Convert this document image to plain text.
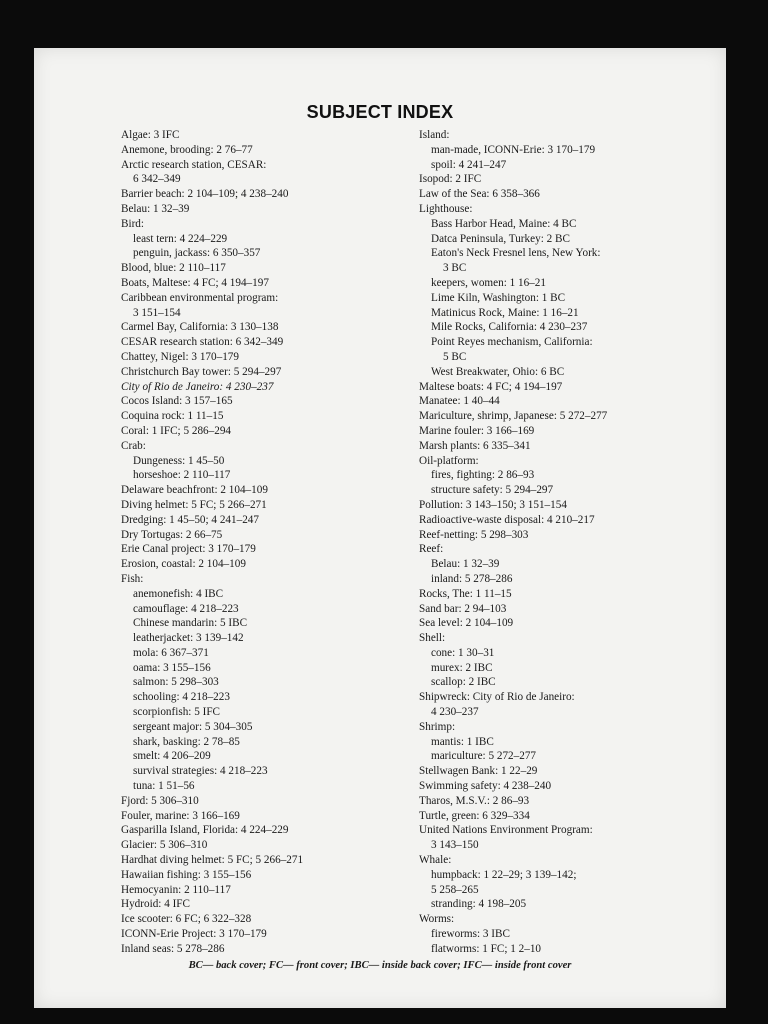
SUBJECT INDEX
Algae: 3 IFC
Anemone, brooding: 2 76–77
Arctic research station, CESAR:
6 342–349
Barrier beach: 2 104–109; 4 238–240
Belau: 1 32–39
Bird:
least tern: 4 224–229
penguin, jackass: 6 350–357
Blood, blue: 2 110–117
Boats, Maltese: 4 FC; 4 194–197
Caribbean environmental program:
3 151–154
Carmel Bay, California: 3 130–138
CESAR research station: 6 342–349
Chattey, Nigel: 3 170–179
Christchurch Bay tower: 5 294–297
City of Rio de Janeiro: 4 230–237
Cocos Island: 3 157–165
Coquina rock: 1 11–15
Coral: 1 IFC; 5 286–294
Crab:
Dungeness: 1 45–50
horseshoe: 2 110–117
Delaware beachfront: 2 104–109
Diving helmet: 5 FC; 5 266–271
Dredging: 1 45–50; 4 241–247
Dry Tortugas: 2 66–75
Erie Canal project: 3 170–179
Erosion, coastal: 2 104–109
Fish:
anemonefish: 4 IBC
camouflage: 4 218–223
Chinese mandarin: 5 IBC
leatherjacket: 3 139–142
mola: 6 367–371
oama: 3 155–156
salmon: 5 298–303
schooling: 4 218–223
scorpionfish: 5 IFC
sergeant major: 5 304–305
shark, basking: 2 78–85
smelt: 4 206–209
survival strategies: 4 218–223
tuna: 1 51–56
Fjord: 5 306–310
Fouler, marine: 3 166–169
Gasparilla Island, Florida: 4 224–229
Glacier: 5 306–310
Hardhat diving helmet: 5 FC; 5 266–271
Hawaiian fishing: 3 155–156
Hemocyanin: 2 110–117
Hydroid: 4 IFC
Ice scooter: 6 FC; 6 322–328
ICONN-Erie Project: 3 170–179
Inland seas: 5 278–286
Island:
man-made, ICONN-Erie: 3 170–179
spoil: 4 241–247
Isopod: 2 IFC
Law of the Sea: 6 358–366
Lighthouse:
Bass Harbor Head, Maine: 4 BC
Datca Peninsula, Turkey: 2 BC
Eaton's Neck Fresnel lens, New York:
3 BC
keepers, women: 1 16–21
Lime Kiln, Washington: 1 BC
Matinicus Rock, Maine: 1 16–21
Mile Rocks, California: 4 230–237
Point Reyes mechanism, California:
5 BC
West Breakwater, Ohio: 6 BC
Maltese boats: 4 FC; 4 194–197
Manatee: 1 40–44
Mariculture, shrimp, Japanese: 5 272–277
Marine fouler: 3 166–169
Marsh plants: 6 335–341
Oil-platform:
fires, fighting: 2 86–93
structure safety: 5 294–297
Pollution: 3 143–150; 3 151–154
Radioactive-waste disposal: 4 210–217
Reef-netting: 5 298–303
Reef:
Belau: 1 32–39
inland: 5 278–286
Rocks, The: 1 11–15
Sand bar: 2 94–103
Sea level: 2 104–109
Shell:
cone: 1 30–31
murex: 2 IBC
scallop: 2 IBC
Shipwreck: City of Rio de Janeiro:
4 230–237
Shrimp:
mantis: 1 IBC
mariculture: 5 272–277
Stellwagen Bank: 1 22–29
Swimming safety: 4 238–240
Tharos, M.S.V.: 2 86–93
Turtle, green: 6 329–334
United Nations Environment Program:
3 143–150
Whale:
humpback: 1 22–29; 3 139–142;
5 258–265
stranding: 4 198–205
Worms:
fireworms: 3 IBC
flatworms: 1 FC; 1 2–10
BC— back cover; FC— front cover; IBC— inside back cover; IFC— inside front cover
